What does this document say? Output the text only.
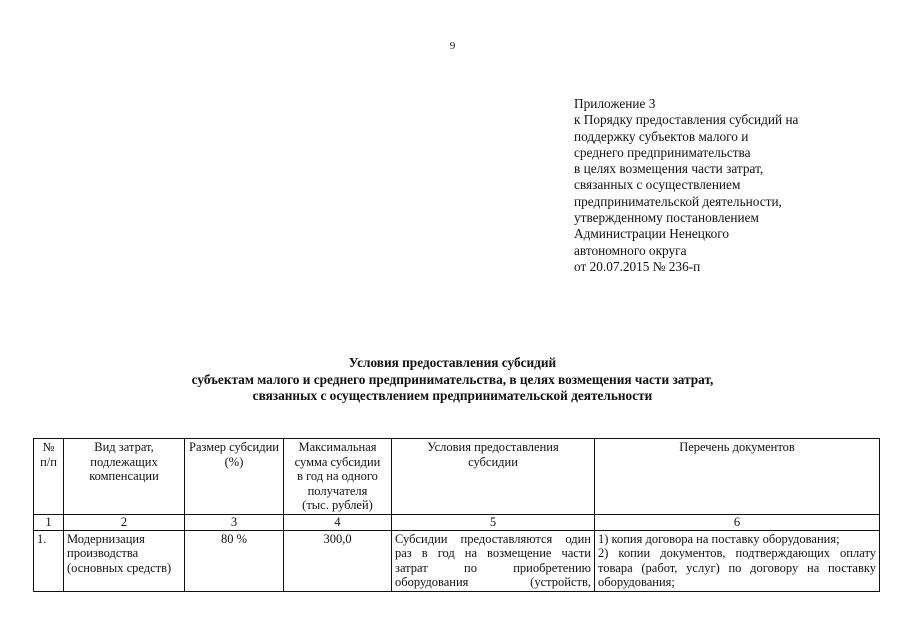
9
Приложение 3
к Порядку предоставления субсидий на
поддержку субъектов малого и
среднего предпринимательства
в целях возмещения части затрат,
связанных с осуществлением
предпринимательской деятельности,
утвержденному постановлением
Администрации Ненецкого
автономного округа
от 20.07.2015 № 236-п
Условия предоставления субсидий
субъектам малого и среднего предпринимательства, в целях возмещения части затрат,
связанных с осуществлением предпринимательской деятельности
№
п/п	Вид затрат,
подлежащих
компенсации	Размер субсидии
(%)	Максимальная
сумма субсидии
в год на одного
получателя
(тыс. рублей)	Условия предоставления
субсидии	Перечень документов

1	2	3	4	5	6
1.	Модернизация
производства
(основных средств)	80 %	300,0	Субсидии предоставляются один
раз в год на возмещение части
затрат по приобретению
оборудования (устройств,	1) копия договора на поставку оборудования;
2) копии документов, подтверждающих оплату
товара (работ, услуг) по договору на поставку
оборудования;
